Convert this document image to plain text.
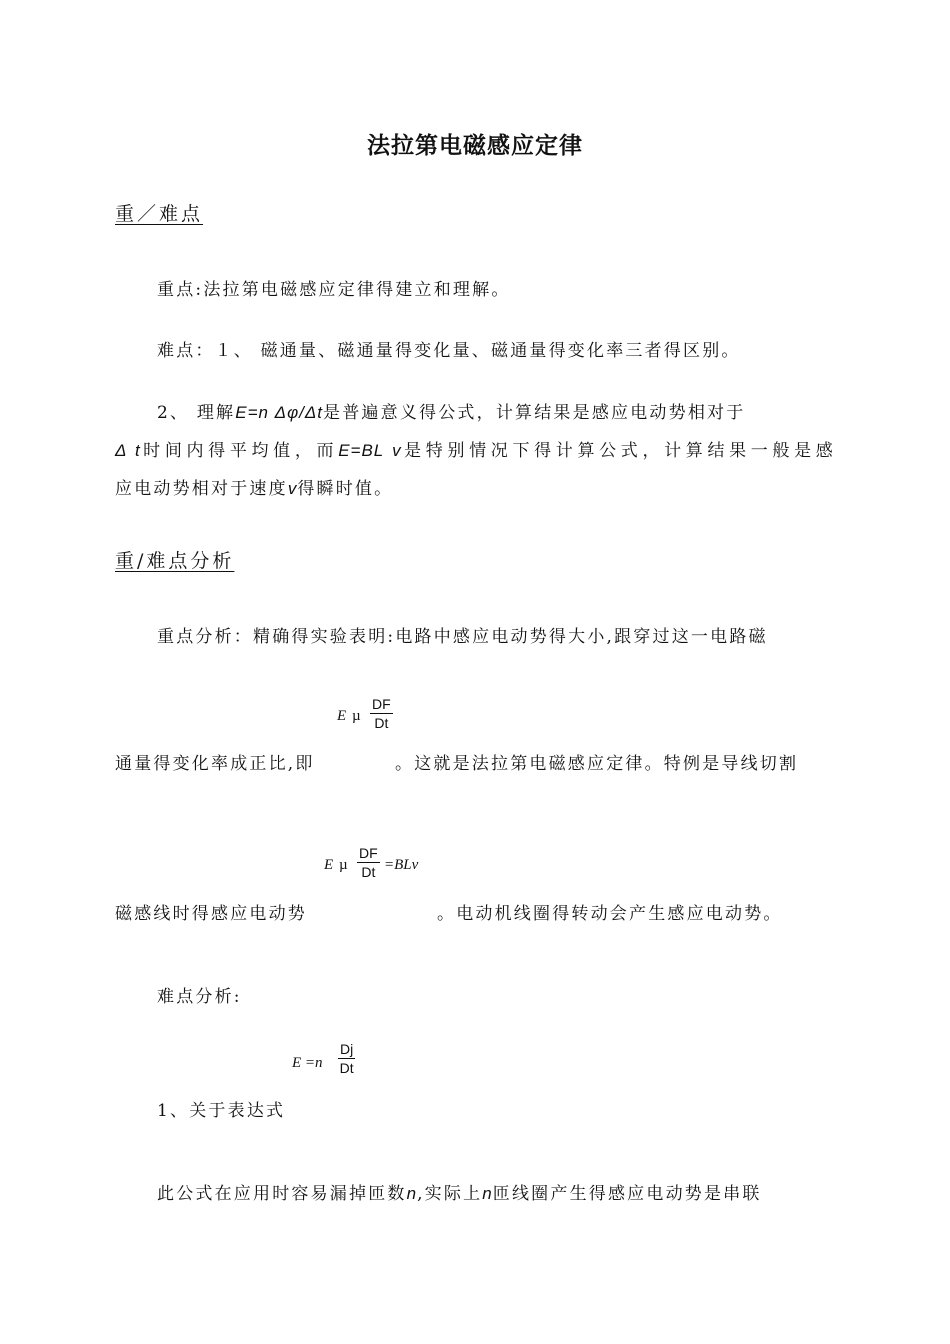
法拉第电磁感应定律
重／难点
重点:法拉第电磁感应定律得建立和理解。
难点：１、 磁通量、磁通量得变化量、磁通量得变化率三者得区别。
2、 理解E=n Δφ/Δt是普遍意义得公式，计算结果是感应电动势相对于
Δ t时间内得平均值，而E=BL v是特别情况下得计算公式，计算结果一般是感
应电动势相对于速度v得瞬时值。
重/难点分析
重点分析：精确得实验表明:电路中感应电动势得大小,跟穿过这一电路磁
E µ $\frac{DF}{Dt}$
通量得变化率成正比,即	。这就是法拉第电磁感应定律。特例是导线切割
E µ $\frac{DF}{Dt} =BLv$
磁感线时得感应电动势	。电动机线圈得转动会产生感应电动势。
难点分析:
$E =n \frac{Dj}{Dt}$
1、关于表达式
此公式在应用时容易漏掉匝数n,实际上n匝线圈产生得感应电动势是串联
